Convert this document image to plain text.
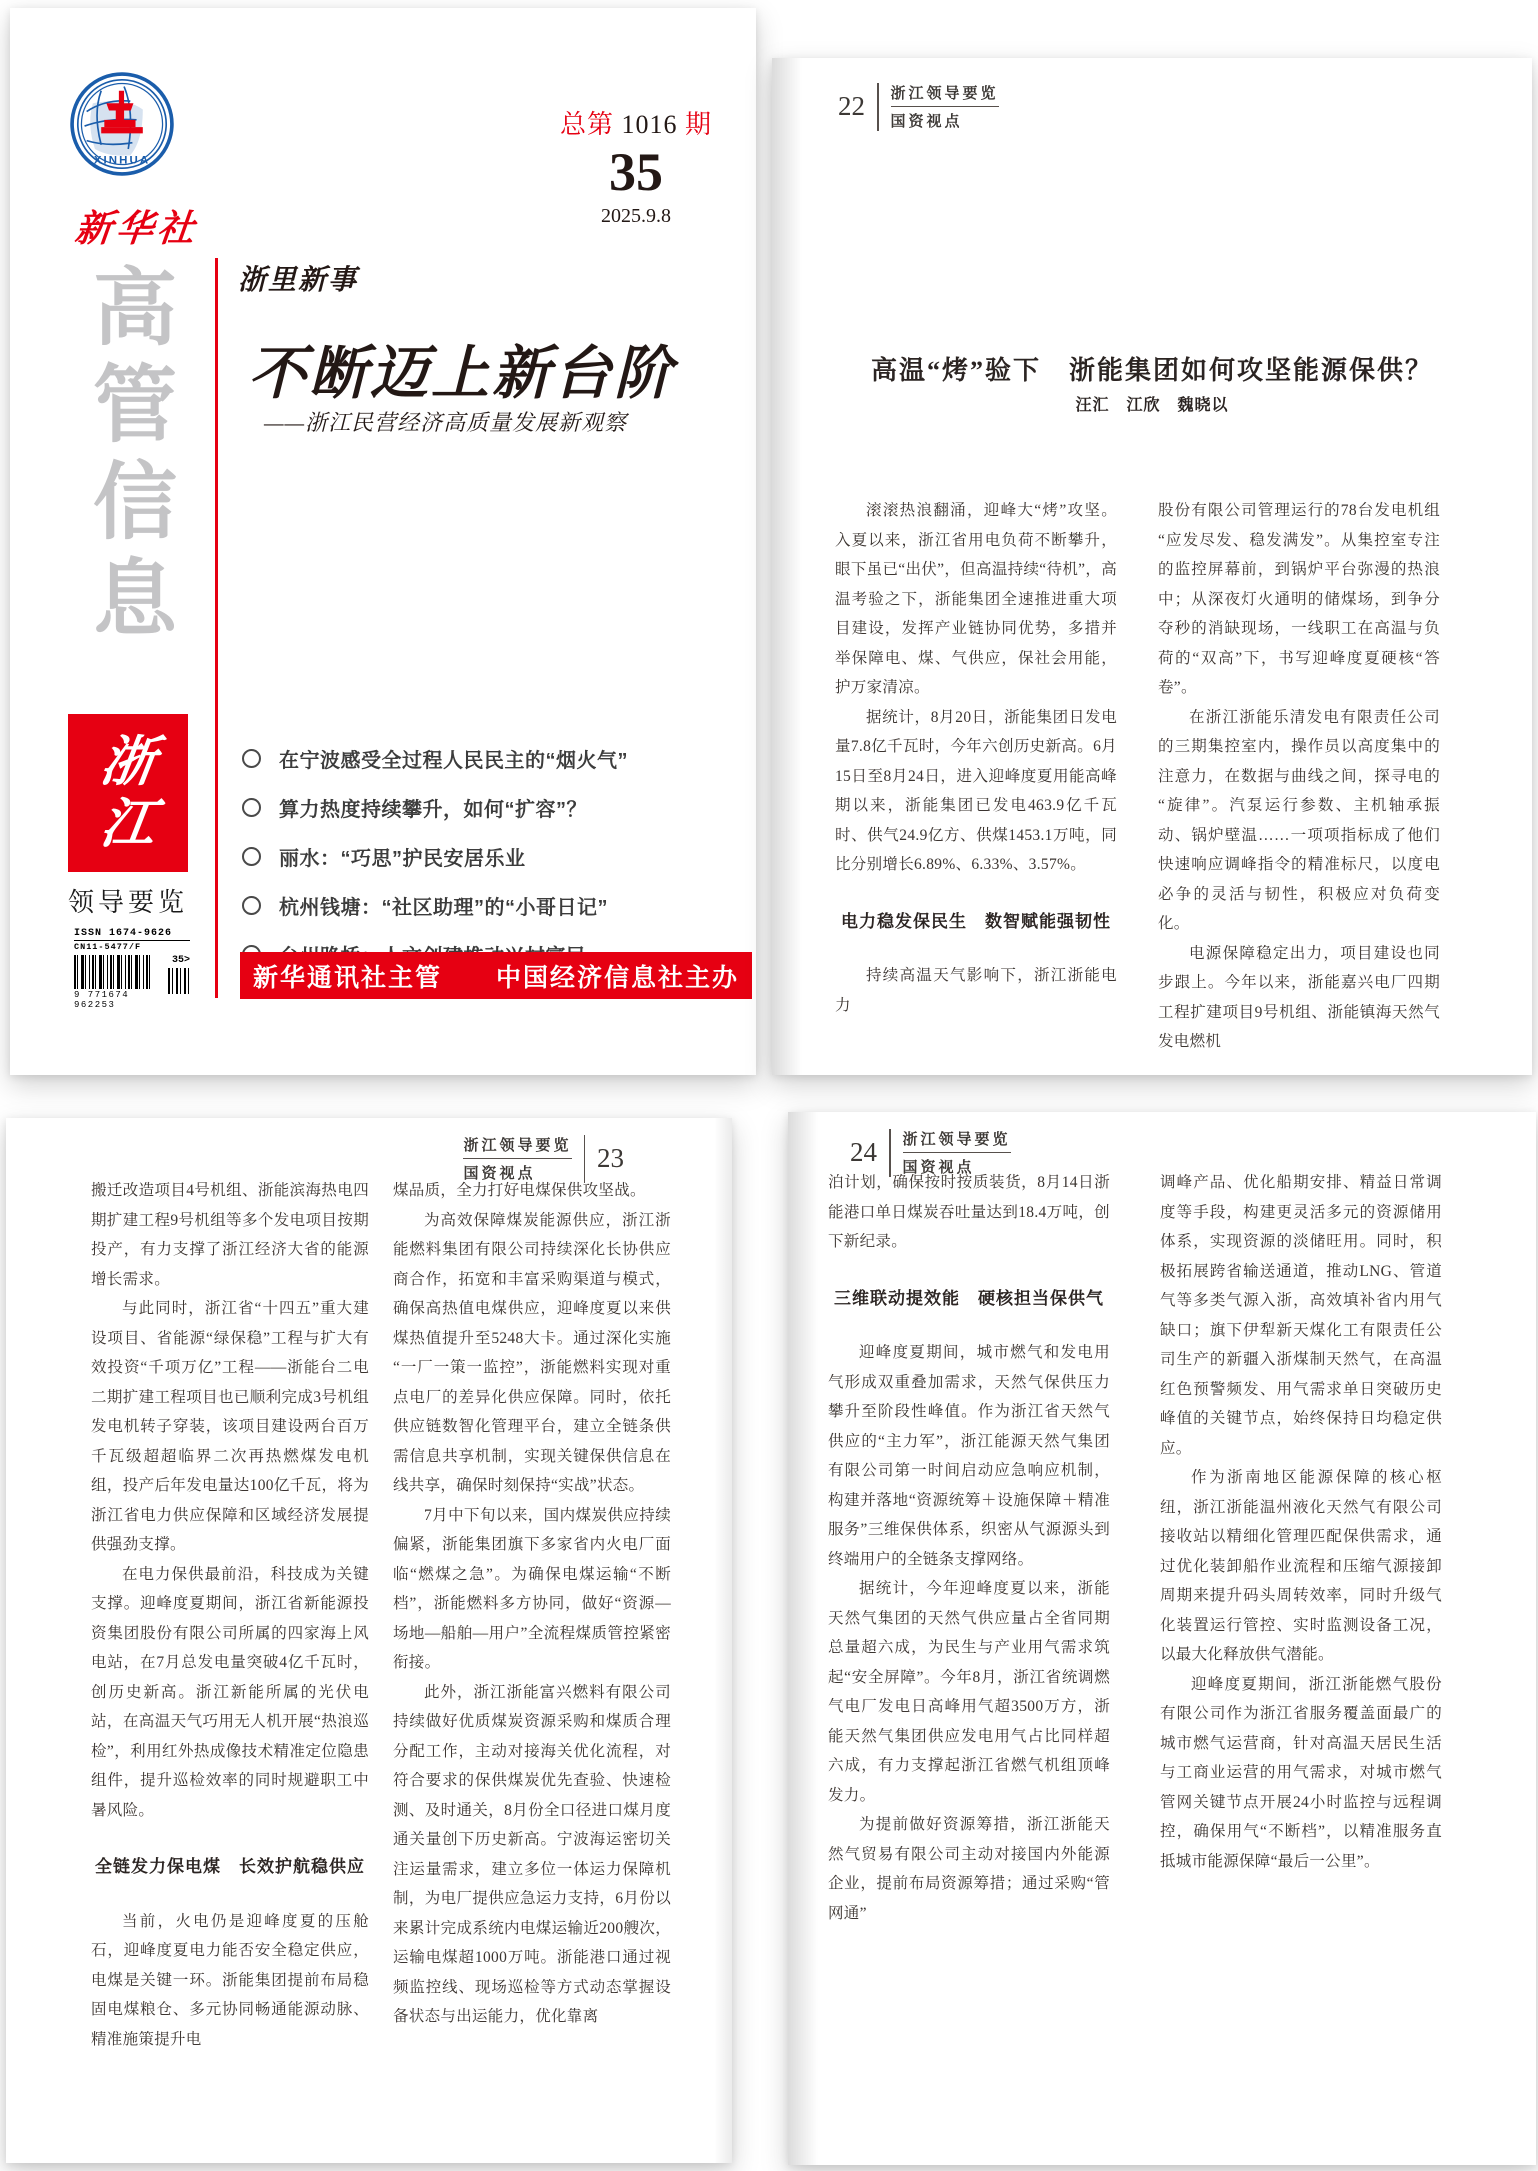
XINHUA
新华社
高
管
信
息
浙
江
领导要览
ISSN 1674-9626
CN11-5477/F
9 771674 962253
35>
总第 1016 期
35
2025.9.8
浙里新事
不断迈上新台阶
——浙江民营经济高质量发展新观察
在宁波感受全过程人民民主的“烟火气”
算力热度持续攀升，如何“扩容”？
丽水：“巧思”护民安居乐业
杭州钱塘：“社区助理”的“小哥日记”
新华通讯社主管　　中国经济信息社主办
22 浙江领导要览
国资视点
高温“烤”验下　浙能集团如何攻坚能源保供？
汪汇　江欣　魏晓以

滚滚热浪翻涌，迎峰大“烤”攻坚。入夏以来，浙江省用电负荷不断攀升，眼下虽已“出伏”，但高温持续“待机”，高温考验之下，浙能集团全速推进重大项目建设，发挥产业链协同优势，多措并举保障电、煤、气供应，保社会用能，护万家清凉。

据统计，8月20日，浙能集团日发电量7.8亿千瓦时，今年六创历史新高。6月15日至8月24日，进入迎峰度夏用能高峰期以来，浙能集团已发电463.9亿千瓦时、供气24.9亿方、供煤1453.1万吨，同比分别增长6.89%、6.33%、3.57%。

电力稳发保民生　数智赋能强韧性

持续高温天气影响下，浙江浙能电力

股份有限公司管理运行的78台发电机组“应发尽发、稳发满发”。从集控室专注的监控屏幕前，到锅炉平台弥漫的热浪中；从深夜灯火通明的储煤场，到争分夺秒的消缺现场，一线职工在高温与负荷的“双高”下，书写迎峰度夏硬核“答卷”。

在浙江浙能乐清发电有限责任公司的三期集控室内，操作员以高度集中的注意力，在数据与曲线之间，探寻电的“旋律”。汽泵运行参数、主机轴承振动、锅炉壁温……一项项指标成了他们快速响应调峰指令的精准标尺，以度电必争的灵活与韧性，积极应对负荷变化。

电源保障稳定出力，项目建设也同步跟上。今年以来，浙能嘉兴电厂四期工程扩建项目9号机组、浙能镇海天然气发电燃机

浙江领导要览
国资视点
23

搬迁改造项目4号机组、浙能滨海热电四期扩建工程9号机组等多个发电项目按期投产，有力支撑了浙江经济大省的能源增长需求。

与此同时，浙江省“十四五”重大建设项目、省能源“绿保稳”工程与扩大有效投资“千项万亿”工程——浙能台二电二期扩建工程项目也已顺利完成3号机组发电机转子穿装，该项目建设两台百万千瓦级超超临界二次再热燃煤发电机组，投产后年发电量达100亿千瓦，将为浙江省电力供应保障和区域经济发展提供强劲支撑。

在电力保供最前沿，科技成为关键支撑。迎峰度夏期间，浙江省新能源投资集团股份有限公司所属的四家海上风电站，在7月总发电量突破4亿千瓦时，创历史新高。浙江新能所属的光伏电站，在高温天气巧用无人机开展“热浪巡检”，利用红外热成像技术精准定位隐患组件，提升巡检效率的同时规避职工中暑风险。

全链发力保电煤　长效护航稳供应

当前，火电仍是迎峰度夏的压舱石，迎峰度夏电力能否安全稳定供应，电煤是关键一环。浙能集团提前布局稳固电煤粮仓、多元协同畅通能源动脉、精准施策提升电

煤品质，全力打好电煤保供攻坚战。

为高效保障煤炭能源供应，浙江浙能燃料集团有限公司持续深化长协供应商合作，拓宽和丰富采购渠道与模式，确保高热值电煤供应，迎峰度夏以来供煤热值提升至5248大卡。通过深化实施“一厂一策一监控”，浙能燃料实现对重点电厂的差异化供应保障。同时，依托供应链数智化管理平台，建立全链条供需信息共享机制，实现关键保供信息在线共享，确保时刻保持“实战”状态。

7月中下旬以来，国内煤炭供应持续偏紧，浙能集团旗下多家省内火电厂面临“燃煤之急”。为确保电煤运输“不断档”，浙能燃料多方协同，做好“资源—场地—船舶—用户”全流程煤质管控紧密衔接。

此外，浙江浙能富兴燃料有限公司持续做好优质煤炭资源采购和煤质合理分配工作，主动对接海关优化流程，对符合要求的保供煤炭优先查验、快速检测、及时通关，8月份全口径进口煤月度通关量创下历史新高。宁波海运密切关注运量需求，建立多位一体运力保障机制，为电厂提供应急运力支持，6月份以来累计完成系统内电煤运输近200艘次，运输电煤超1000万吨。浙能港口通过视频监控线、现场巡检等方式动态掌握设备状态与出运能力，优化靠离

24 浙江领导要览
国资视点

泊计划，确保按时按质装货，8月14日浙能港口单日煤炭吞吐量达到18.4万吨，创下新纪录。

三维联动提效能　硬核担当保供气

迎峰度夏期间，城市燃气和发电用气形成双重叠加需求，天然气保供压力攀升至阶段性峰值。作为浙江省天然气供应的“主力军”，浙江能源天然气集团有限公司第一时间启动应急响应机制，构建并落地“资源统筹＋设施保障＋精准服务”三维保供体系，织密从气源源头到终端用户的全链条支撑网络。

据统计，今年迎峰度夏以来，浙能天然气集团的天然气供应量占全省同期总量超六成，为民生与产业用气需求筑起“安全屏障”。今年8月，浙江省统调燃气电厂发电日高峰用气超3500万方，浙能天然气集团供应发电用气占比同样超六成，有力支撑起浙江省燃气机组顶峰发力。

为提前做好资源筹措，浙江浙能天然气贸易有限公司主动对接国内外能源企业，提前布局资源筹措；通过采购“管网通”

调峰产品、优化船期安排、精益日常调度等手段，构建更灵活多元的资源储用体系，实现资源的淡储旺用。同时，积极拓展跨省输送通道，推动LNG、管道气等多类气源入浙，高效填补省内用气缺口；旗下伊犁新天煤化工有限责任公司生产的新疆入浙煤制天然气，在高温红色预警频发、用气需求单日突破历史峰值的关键节点，始终保持日均稳定供应。

作为浙南地区能源保障的核心枢纽，浙江浙能温州液化天然气有限公司接收站以精细化管理匹配保供需求，通过优化装卸船作业流程和压缩气源接卸周期来提升码头周转效率，同时升级气化装置运行管控、实时监测设备工况，以最大化释放供气潜能。

迎峰度夏期间，浙江浙能燃气股份有限公司作为浙江省服务覆盖面最广的城市燃气运营商，针对高温天居民生活与工商业运营的用气需求，对城市燃气管网关键节点开展24小时监控与远程调控，确保用气“不断档”，以精准服务直抵城市能源保障“最后一公里”。
